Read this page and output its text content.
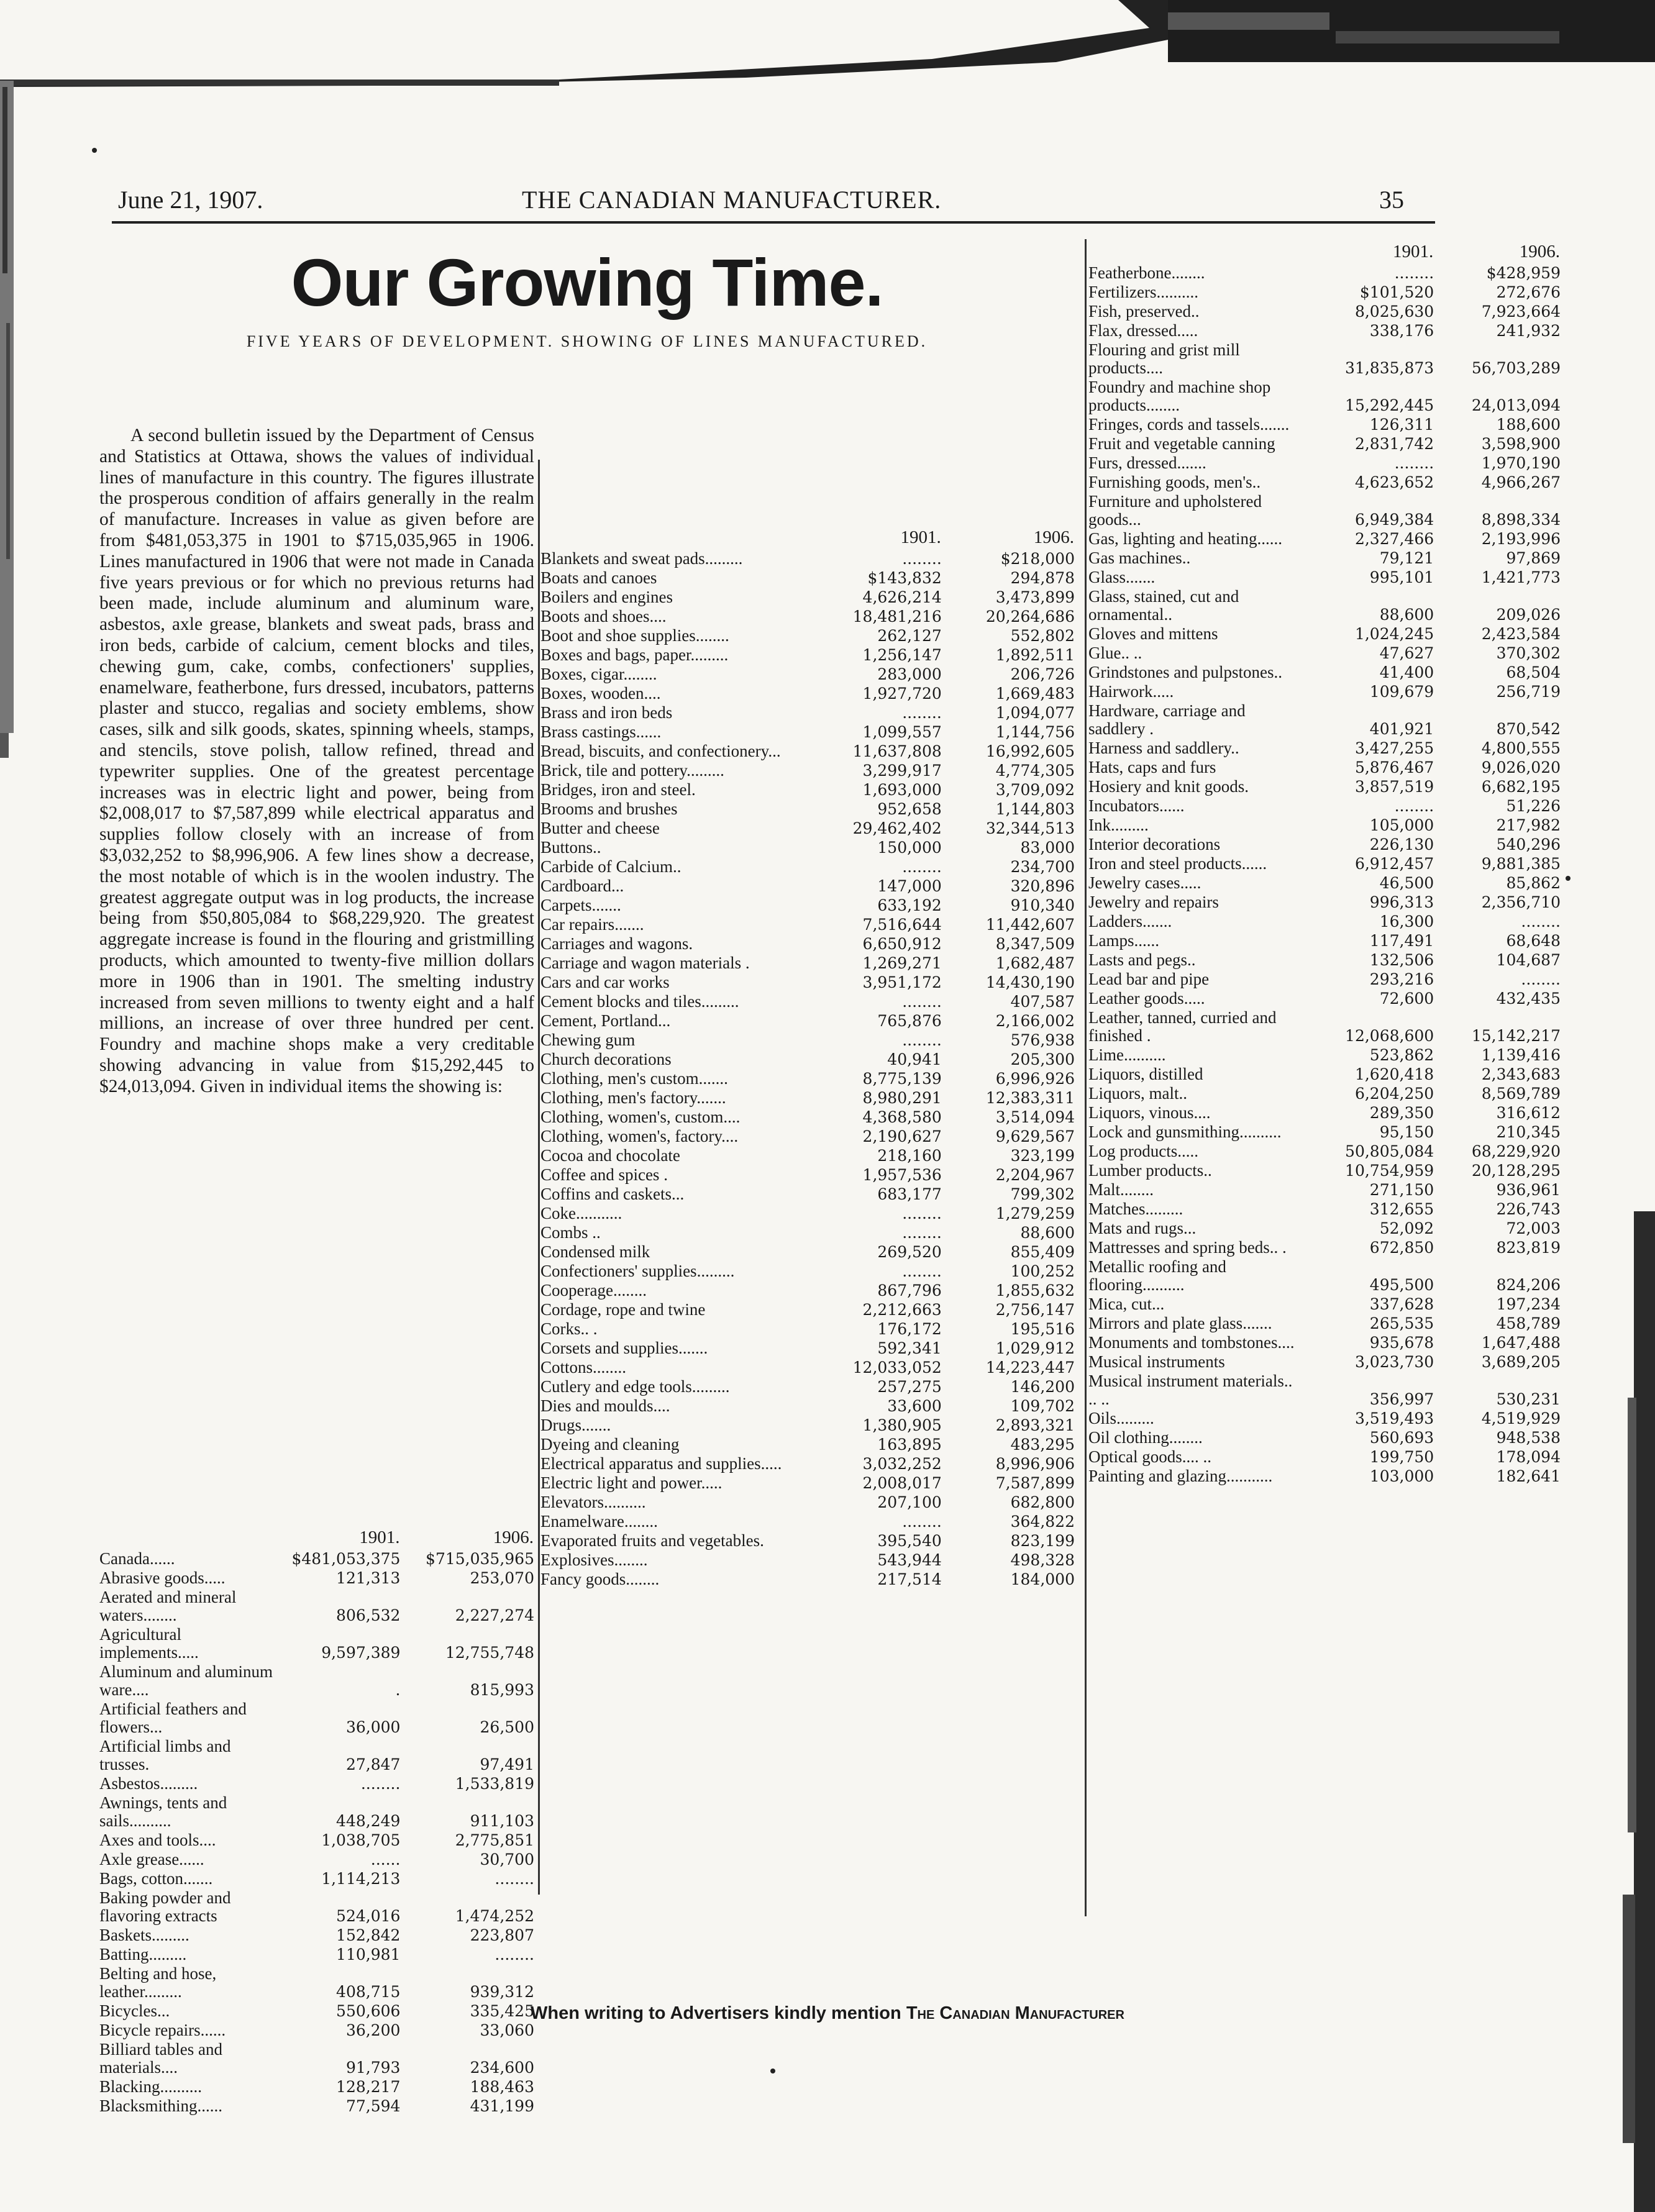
June 21, 1907.	THE CANADIAN MANUFACTURER.	35
Our Growing Time.
FIVE YEARS OF DEVELOPMENT. SHOWING OF LINES MANUFACTURED.

A second bulletin issued by the Department of Census and Statistics at Ottawa, shows the values of individual lines of manufacture in this country. The figures illustrate the prosperous condition of affairs generally in the realm of manufacture. Increases in value as given before are from $481,053,375 in 1901 to $715,035,965 in 1906. Lines manufactured in 1906 that were not made in Canada five years previous or for which no previous returns had been made, include aluminum and aluminum ware, asbestos, axle grease, blankets and sweat pads, brass and iron beds, carbide of calcium, cement blocks and tiles, chewing gum, cake, combs, confectioners' supplies, enamelware, featherbone, furs dressed, incubators, patterns plaster and stucco, regalias and society emblems, show cases, silk and silk goods, skates, spinning wheels, stamps, and stencils, stove polish, tallow refined, thread and typewriter supplies. One of the greatest percentage increases was in electric light and power, being from $2,008,017 to $7,587,899 while electrical apparatus and supplies follow closely with an increase of from $3,032,252 to $8,996,906. A few lines show a decrease, the most notable of which is in the woolen industry. The greatest aggregate output was in log products, the increase being from $50,805,084 to $68,229,920. The greatest aggregate increase is found in the flouring and gristmilling products, which amounted to twenty-five million dollars more in 1906 than in 1901. The smelting industry increased from seven millions to twenty eight and a half millions, an increase of over three hundred per cent. Foundry and machine shops make a very creditable showing advancing in value from $15,292,445 to $24,013,094. Given in individual items the showing is:

	1901.	1906.
Canada......	$481,053,375	$715,035,965
Abrasive goods.....	121,313	253,070
Aerated and mineral waters........	806,532	2,227,274
Agricultural implements.....	9,597,389	12,755,748
Aluminum and aluminum ware....	.	815,993
Artificial feathers and flowers...	36,000	26,500
Artificial limbs and trusses.	27,847	97,491
Asbestos.........	........	1,533,819
Awnings, tents and sails..........	448,249	911,103
Axes and tools....	1,038,705	2,775,851
Axle grease......	......	30,700
Bags, cotton.......	1,114,213	........
Baking powder and flavoring extracts	524,016	1,474,252
Baskets.........	152,842	223,807
Batting.........	110,981	........
Belting and hose, leather.........	408,715	939,312
Bicycles...	550,606	335,425
Bicycle repairs......	36,200	33,060
Billiard tables and materials....	91,793	234,600
Blacking..........	128,217	188,463
Blacksmithing......	77,594	431,199
	1901.	1906.
Blankets and sweat pads.........	........	$218,000
Boats and canoes	$143,832	294,878
Boilers and engines	4,626,214	3,473,899
Boots and shoes....	18,481,216	20,264,686
Boot and shoe supplies........	262,127	552,802
Boxes and bags, paper.........	1,256,147	1,892,511
Boxes, cigar........	283,000	206,726
Boxes, wooden....	1,927,720	1,669,483
Brass and iron beds	........	1,094,077
Brass castings......	1,099,557	1,144,756
Bread, biscuits, and confectionery...	11,637,808	16,992,605
Brick, tile and pottery.........	3,299,917	4,774,305
Bridges, iron and steel.	1,693,000	3,709,092
Brooms and brushes	952,658	1,144,803
Butter and cheese	29,462,402	32,344,513
Buttons..	150,000	83,000
Carbide of Calcium..	........	234,700
Cardboard...	147,000	320,896
Carpets.......	633,192	910,340
Car repairs.......	7,516,644	11,442,607
Carriages and wagons.	6,650,912	8,347,509
Carriage and wagon materials .	1,269,271	1,682,487
Cars and car works	3,951,172	14,430,190
Cement blocks and tiles.........	........	407,587
Cement, Portland...	765,876	2,166,002
Chewing gum	........	576,938
Church decorations	40,941	205,300
Clothing, men's custom.......	8,775,139	6,996,926
Clothing, men's factory.......	8,980,291	12,383,311
Clothing, women's, custom....	4,368,580	3,514,094
Clothing, women's, factory....	2,190,627	9,629,567
Cocoa and chocolate	218,160	323,199
Coffee and spices .	1,957,536	2,204,967
Coffins and caskets...	683,177	799,302
Coke...........	........	1,279,259
Combs ..	........	88,600
Condensed milk	269,520	855,409
Confectioners' supplies.........	........	100,252
Cooperage........	867,796	1,855,632
Cordage, rope and twine	2,212,663	2,756,147
Corks.. .	176,172	195,516
Corsets and supplies.......	592,341	1,029,912
Cottons........	12,033,052	14,223,447
Cutlery and edge tools.........	257,275	146,200
Dies and moulds....	33,600	109,702
Drugs.......	1,380,905	2,893,321
Dyeing and cleaning	163,895	483,295
Electrical apparatus and supplies.....	3,032,252	8,996,906
Electric light and power.....	2,008,017	7,587,899
Elevators..........	207,100	682,800
Enamelware........	........	364,822
Evaporated fruits and vegetables.	395,540	823,199
Explosives........	543,944	498,328
Fancy goods........	217,514	184,000
	1901.	1906.
Featherbone........	........	$428,959
Fertilizers..........	$101,520	272,676
Fish, preserved..	8,025,630	7,923,664
Flax, dressed.....	338,176	241,932
Flouring and grist mill products....	31,835,873	56,703,289
Foundry and machine shop products........	15,292,445	24,013,094
Fringes, cords and tassels.......	126,311	188,600
Fruit and vegetable canning	2,831,742	3,598,900
Furs, dressed.......	........	1,970,190
Furnishing goods, men's..	4,623,652	4,966,267
Furniture and upholstered goods...	6,949,384	8,898,334
Gas, lighting and heating......	2,327,466	2,193,996
Gas machines..	79,121	97,869
Glass.......	995,101	1,421,773
Glass, stained, cut and ornamental..	88,600	209,026
Gloves and mittens	1,024,245	2,423,584
Glue.. ..	47,627	370,302
Grindstones and pulpstones..	41,400	68,504
Hairwork.....	109,679	256,719
Hardware, carriage and saddlery .	401,921	870,542
Harness and saddlery..	3,427,255	4,800,555
Hats, caps and furs	5,876,467	9,026,020
Hosiery and knit goods.	3,857,519	6,682,195
Incubators......	........	51,226
Ink.........	105,000	217,982
Interior decorations	226,130	540,296
Iron and steel products......	6,912,457	9,881,385
Jewelry cases.....	46,500	85,862
Jewelry and repairs	996,313	2,356,710
Ladders.......	16,300	........
Lamps......	117,491	68,648
Lasts and pegs..	132,506	104,687
Lead bar and pipe	293,216	........
Leather goods.....	72,600	432,435
Leather, tanned, curried and finished .	12,068,600	15,142,217
Lime..........	523,862	1,139,416
Liquors, distilled	1,620,418	2,343,683
Liquors, malt..	6,204,250	8,569,789
Liquors, vinous....	289,350	316,612
Lock and gunsmithing..........	95,150	210,345
Log products.....	50,805,084	68,229,920
Lumber products..	10,754,959	20,128,295
Malt........	271,150	936,961
Matches.........	312,655	226,743
Mats and rugs...	52,092	72,003
Mattresses and spring beds.. .	672,850	823,819
Metallic roofing and flooring..........	495,500	824,206
Mica, cut...	337,628	197,234
Mirrors and plate glass.......	265,535	458,789
Monuments and tombstones....	935,678	1,647,488
Musical instruments	3,023,730	3,689,205
Musical instrument materials.. .. ..	356,997	530,231
Oils.........	3,519,493	4,519,929
Oil clothing........	560,693	948,538
Optical goods.... ..	199,750	178,094
Painting and glazing...........	103,000	182,641
When writing to Advertisers kindly mention The Canadian Manufacturer
